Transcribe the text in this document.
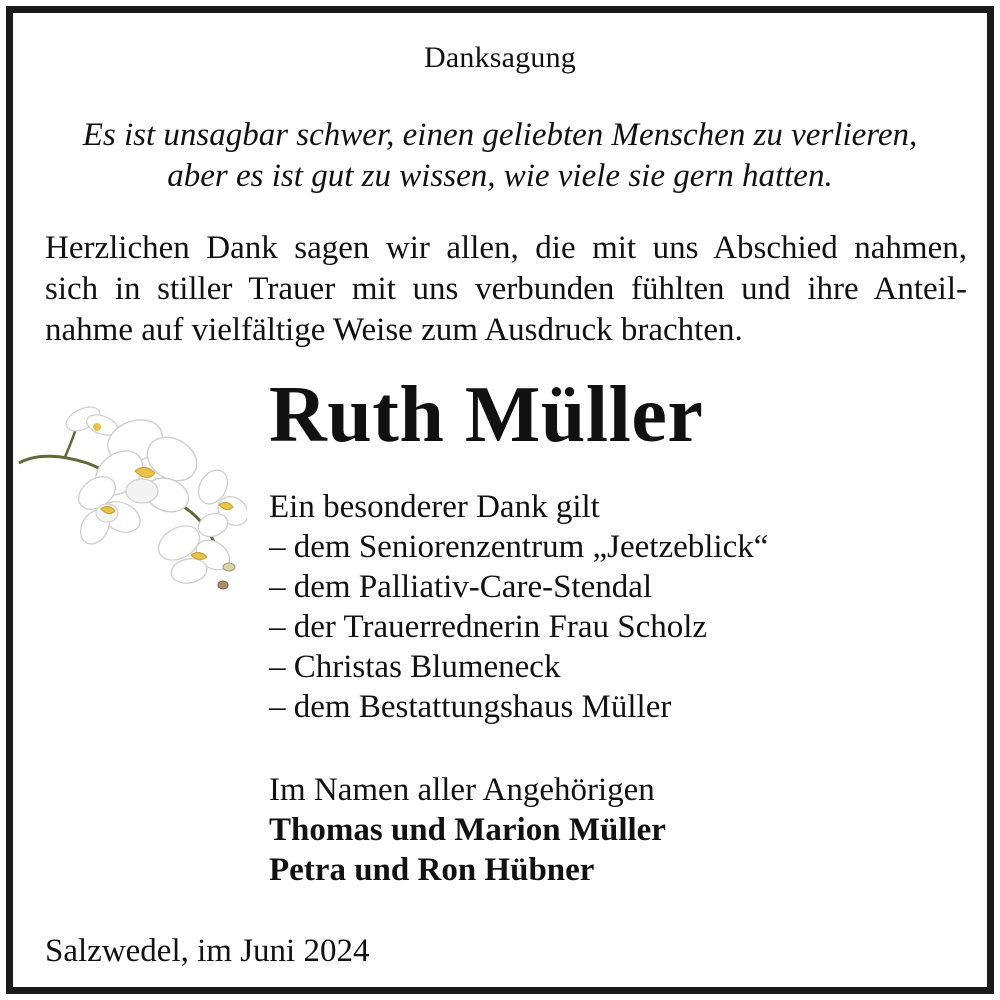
Danksagung
Es ist unsagbar schwer, einen geliebten Menschen zu verlieren,
aber es ist gut zu wissen, wie viele sie gern hatten.
Herzlichen Dank sagen wir allen, die mit uns Abschied nahmen,
sich in stiller Trauer mit uns verbunden fühlten und ihre Anteil-
nahme auf vielfältige Weise zum Ausdruck brachten.
Ruth Müller
Ein besonderer Dank gilt
– dem Seniorenzentrum „Jeetzeblick“
– dem Palliativ-Care-Stendal
– der Trauerrednerin Frau Scholz
– Christas Blumeneck
– dem Bestattungshaus Müller
Im Namen aller Angehörigen
Thomas und Marion Müller
Petra und Ron Hübner
Salzwedel, im Juni 2024
